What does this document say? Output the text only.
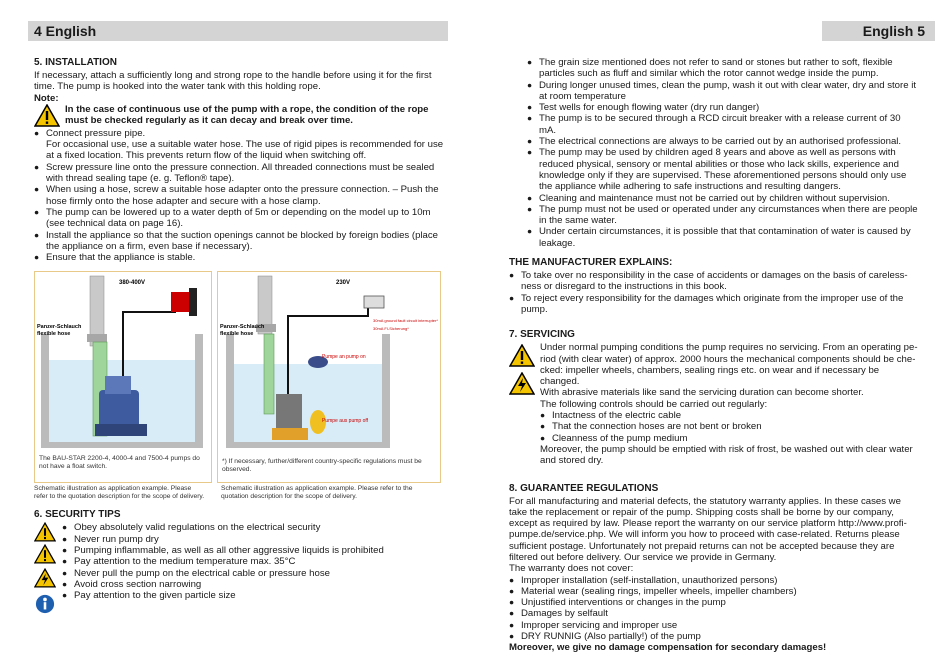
4 English	English 5
5. INSTALLATION

If necessary, attach a sufficiently long and strong rope to the handle before using it for the first time. The pump is hooked into the water tank with this holding rope.

Note:

In the case of continuous use of the pump with a rope, the condition of the rope must be checked regularly as it can decay and break over time.

● Connect pressure pipe.

For occasional use, use a suitable water hose. The use of rigid pipes is recommended for use at a fixed location. This prevents return flow of the liquid when switching off.

● Screw pressure line onto the pressure connection. All threaded connections must be sealed with thread sealing tape (e. g. Teflon® tape).
● When using a hose, screw a suitable hose adapter onto the pressure connection. – Push the hose firmly onto the hose adapter and secure with a hose clamp.
● The pump can be lowered up to a water depth of 5m or depending on the model up to 10m (see technical data on page 16).
● Install the appliance so that the suction openings cannot be blocked by foreign bodies (place the appliance on a firm, even base if necessary).
● Ensure that the appliance is stable.
380-400V
Panzer-Schlauch
flexible hose
The BAU-STAR 2200-4, 4000-4 and 7500-4 pumps do not have a float switch.
230V
30mA ground fault circuit interrupter*
30mA FI-Sicherung*
Pumpe an pump on
Pumpe aus pump off
Panzer-Schlauch
flexible hose
*) If necessary, further/different country-specific regulations must be observed.
Schematic illustration as application example. Please refer to the quotation description for the scope of delivery.
Schematic illustration as application example. Please refer to the quotation description for the scope of delivery.
6. SECURITY TIPS
● Obey absolutely valid regulations on the electrical security
● Never run pump dry
● Pumping inflammable, as well as all other aggressive liquids is prohibited
● Pay attention to the medium temperature max. 35°C
● Never pull the pump on the electrical cable or pressure hose
● Avoid cross section narrowing
● Pay attention to the given particle size
● The grain size mentioned does not refer to sand or stones but rather to soft, flexible particles such as fluff and similar which the rotor cannot wedge inside the pump.
● During longer unused times, clean the pump, wash it out with clear water, dry and store it at room temperature
● Test wells for enough flowing water (dry run danger)
● The pump is to be secured through a RCD circuit breaker with a release current of 30 mA.
● The electrical connections are always to be carried out by an authorised professional.
● The pump may be used by children aged 8 years and above as well as persons with reduced physical, sensory or mental abilities or those who lack skills, experience and knowledge only if they are supervised. These aforementioned persons should only use the appliance while adhering to safe instructions and resulting dangers.
● Cleaning and maintenance must not be carried out by children without supervision.
● The pump must not be used or operated under any circumstances when there are people in the same water.
● Under certain circumstances, it is possible that that contamination of water is caused by leakage.
THE MANUFACTURER EXPLAINS:
● To take over no responsibility in the case of accidents or damages on the basis of careless-ness or disregard to the instructions in this book.
● To reject every responsibility for the damages which originate from the improper use of the pump.
7. SERVICING

Under normal pumping conditions the pump requires no servicing. From an operating pe-riod (with clear water) of approx. 2000 hours the mechanical components should be che-cked: impeller wheels, chambers, sealing rings etc. on wear and if necessary be changed.

With abrasive materials like sand the servicing duration can become shorter.

The following controls should be carried out regularly:

● Intactness of the electric cable
● That the connection hoses are not bent or broken
● Cleanness of the pump medium

Moreover, the pump should be emptied with risk of frost, be washed out with clear water and stored dry.

8. GUARANTEE REGULATIONS

For all manufacturing and material defects, the statutory warranty applies. In these cases we take the replacement or repair of the pump. Shipping costs shall be borne by our company, except as required by law. Please report the warranty on our service platform http://www.profi-pumpe.de/service.php. We will inform you how to proceed with case-related. Returns please sufficient postage. Unfortunately not prepaid returns can not be accepted because they are filtered out before delivery. Our service we provide in Germany.

The warranty does not cover:

● Improper installation (self-installation, unauthorized persons)
● Material wear (sealing rings, impeller wheels, impeller chambers)
● Unjustified interventions or changes in the pump
● Damages by selfault
● Improper servicing and improper use
● DRY RUNNIG (Also partially!) of the pump

Moreover, we give no damage compensation for secondary damages!
